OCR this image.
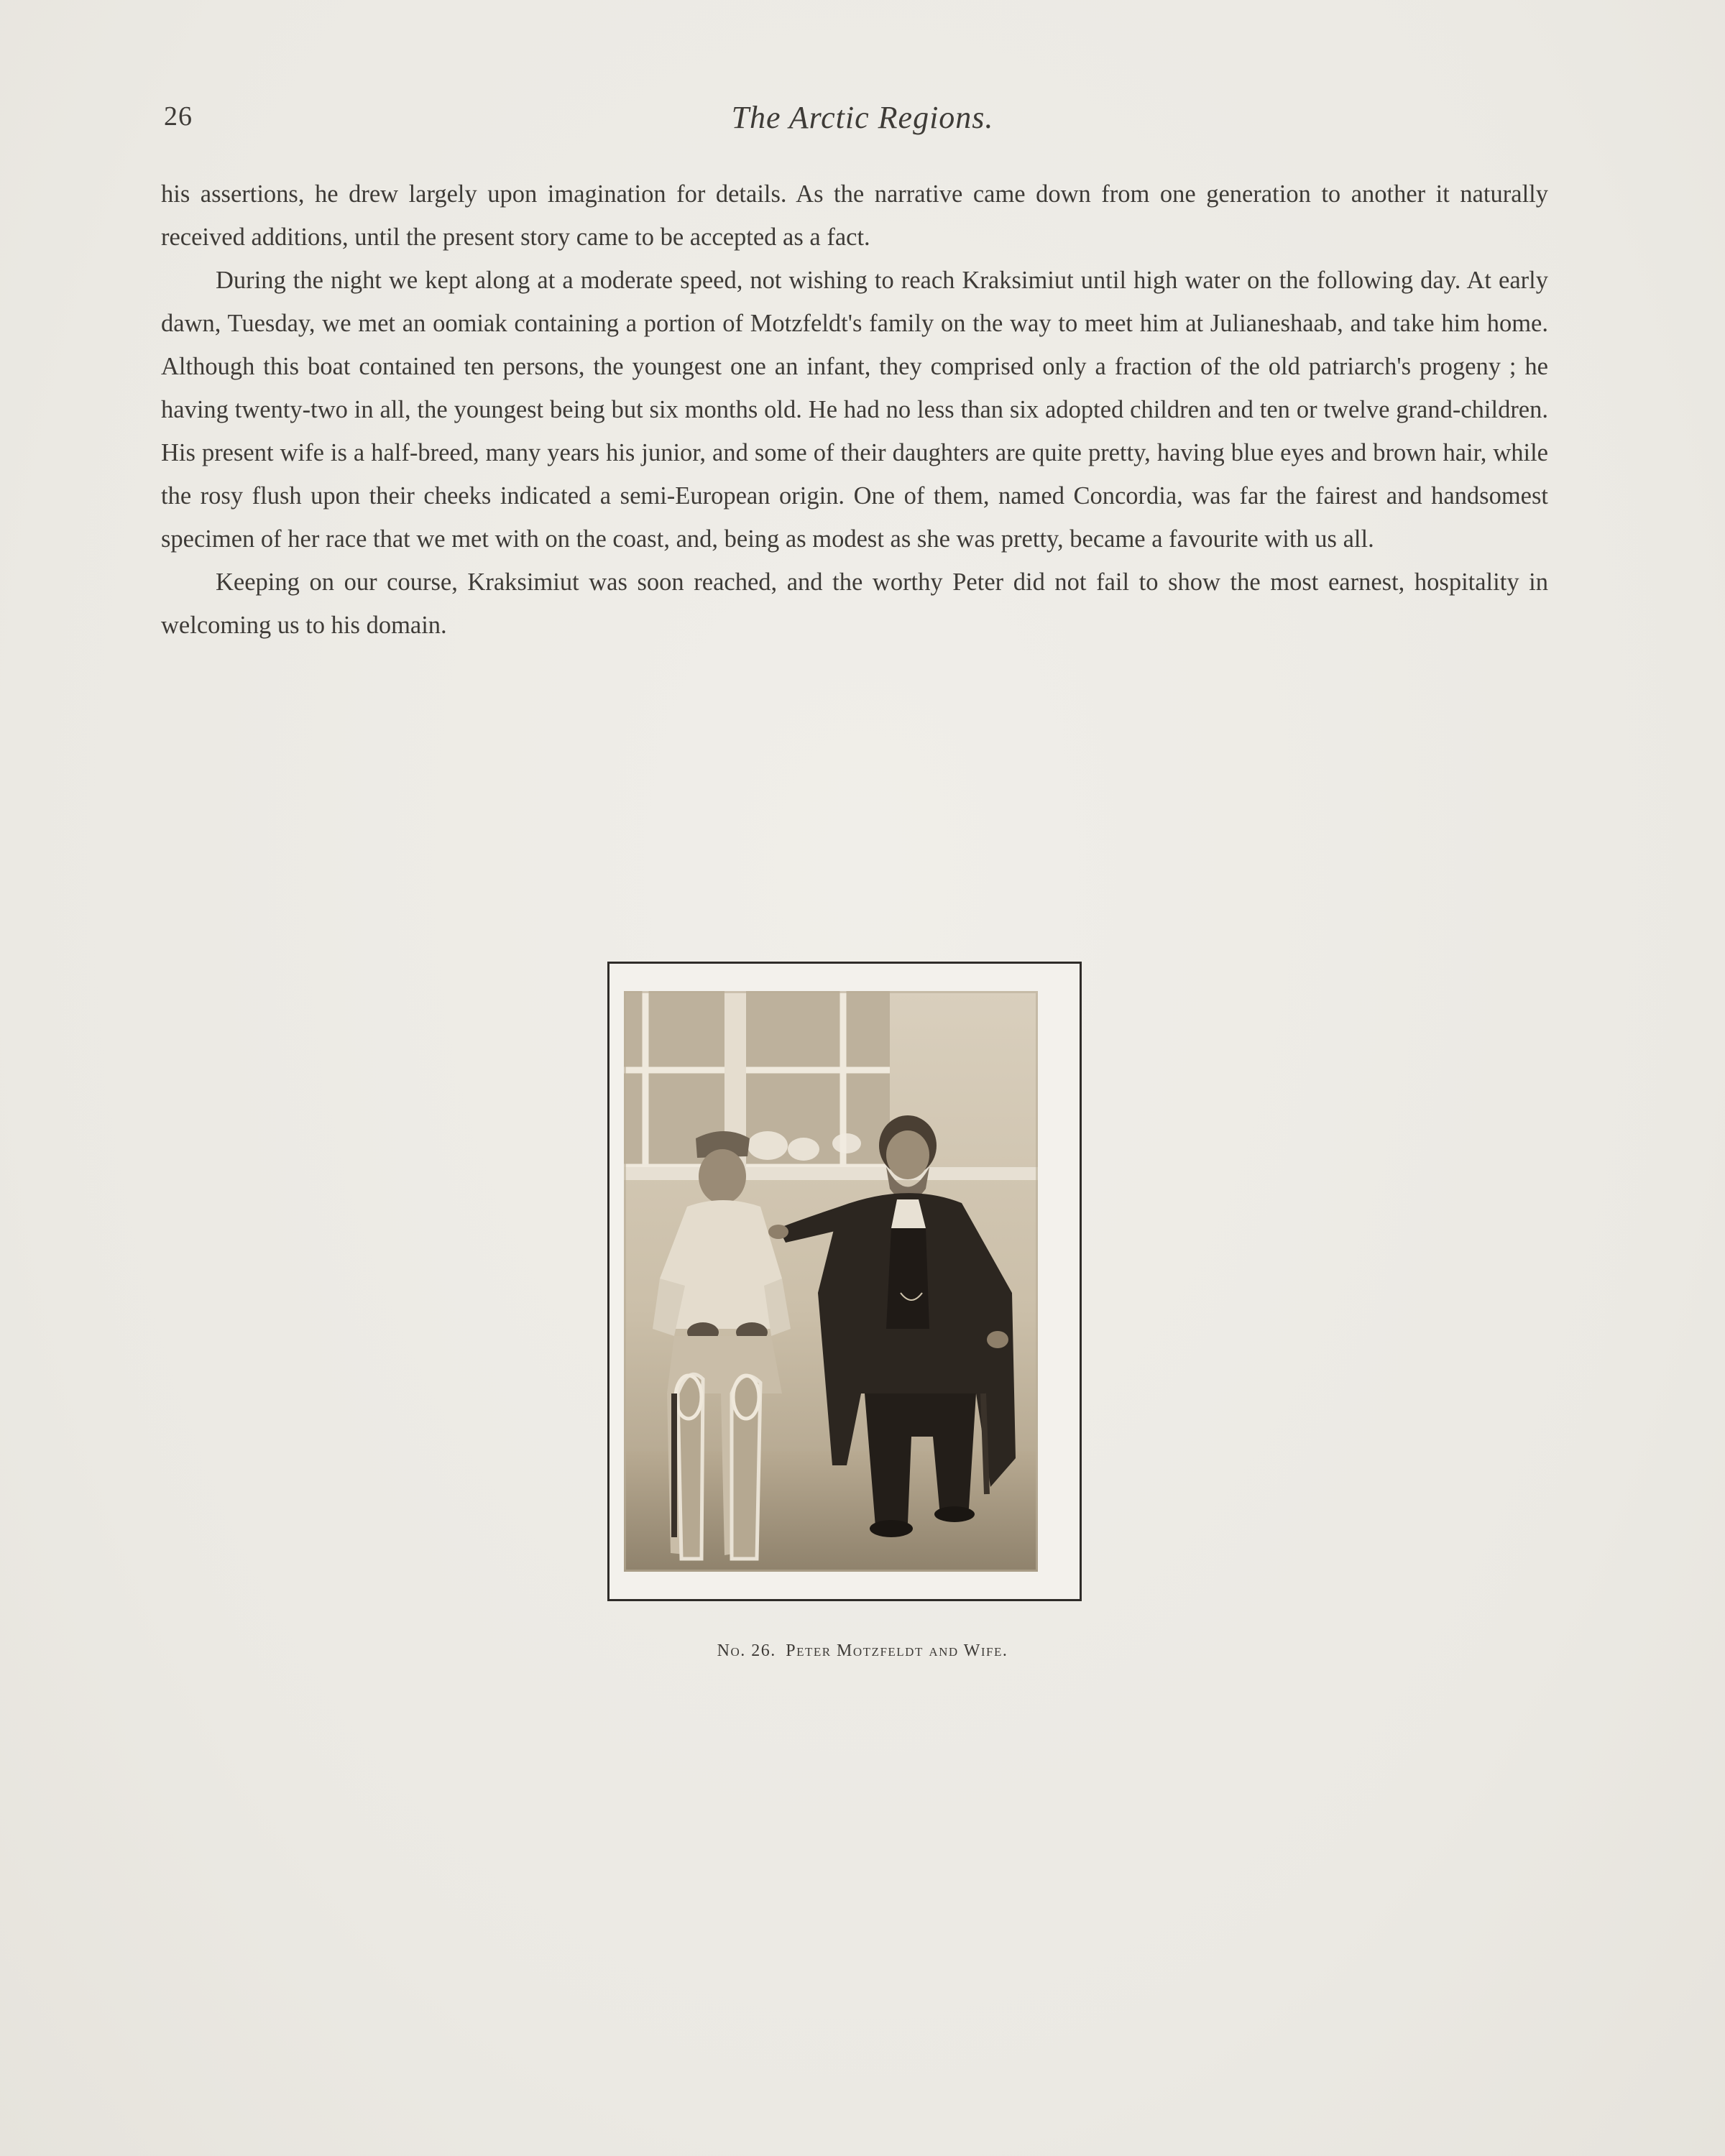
26	The Arctic Regions.

his assertions, he drew largely upon imagination for details. As the narrative came down from one generation to another it naturally received additions, until the present story came to be accepted as a fact.

During the night we kept along at a moderate speed, not wishing to reach Kraksimiut until high water on the following day. At early dawn, Tuesday, we met an oomiak containing a portion of Motzfeldt's family on the way to meet him at Julianeshaab, and take him home. Although this boat contained ten persons, the youngest one an infant, they comprised only a fraction of the old patriarch's progeny ; he having twenty-two in all, the youngest being but six months old. He had no less than six adopted children and ten or twelve grand-children. His present wife is a half-breed, many years his junior, and some of their daughters are quite pretty, having blue eyes and brown hair, while the rosy flush upon their cheeks indicated a semi-European origin. One of them, named Concordia, was far the fairest and handsomest specimen of her race that we met with on the coast, and, being as modest as she was pretty, became a favourite with us all.

Keeping on our course, Kraksimiut was soon reached, and the worthy Peter did not fail to show the most earnest, hospitality in welcoming us to his domain.

No. 26. Peter Motzfeldt and Wife.
